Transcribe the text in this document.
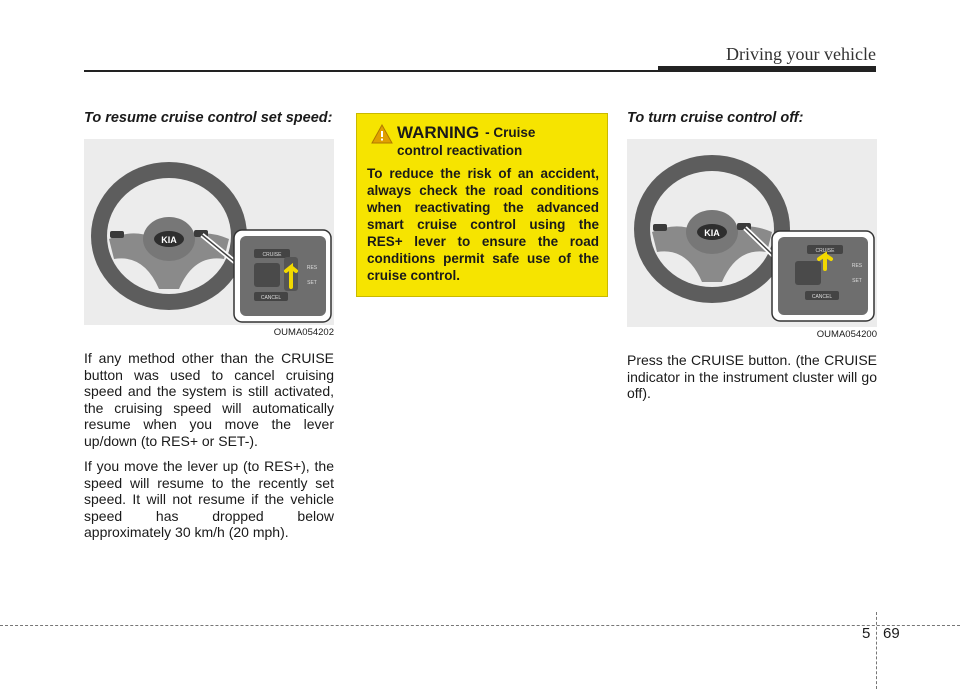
Driving your vehicle
To resume cruise control set speed:
KIA
CRUISE
CANCEL
RES
SET
OUMA054202

If any method other than the CRUISE button was used to cancel cruising speed and the system is still activated, the cruising speed will automatically resume when you move the lever up/down (to RES+ or SET-).

If you move the lever up (to RES+), the speed will resume to the recently set speed. It will not resume if the vehicle speed has dropped below approximately 30 km/h (20 mph).

WARNING - Cruise
control reactivation
To reduce the risk of an accident, always check the road conditions when reactivating the advanced smart cruise control using the RES+ lever to ensure the road conditions permit safe use of the cruise control.
To turn cruise control off:
KIA
CRUISE
CANCEL
RES
SET
OUMA054200

Press the CRUISE button. (the CRUISE indicator in the instrument cluster will go off).

5 69
